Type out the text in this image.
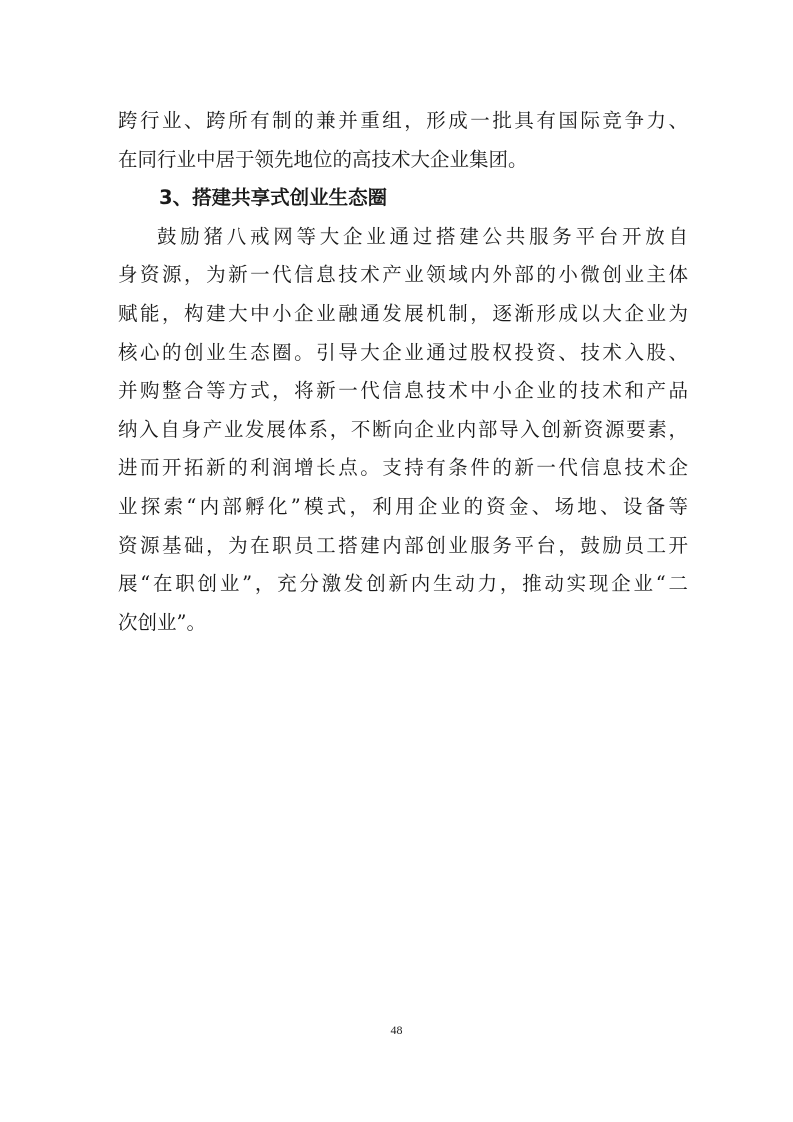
跨行业、跨所有制的兼并重组，形成一批具有国际竞争力、
在同行业中居于领先地位的高技术大企业集团。
3、搭建共享式创业生态圈
鼓励猪八戒网等大企业通过搭建公共服务平台开放自
身资源，为新一代信息技术产业领域内外部的小微创业主体
赋能，构建大中小企业融通发展机制，逐渐形成以大企业为
核心的创业生态圈。引导大企业通过股权投资、技术入股、
并购整合等方式，将新一代信息技术中小企业的技术和产品
纳入自身产业发展体系，不断向企业内部导入创新资源要素，
进而开拓新的利润增长点。支持有条件的新一代信息技术企
业探索“内部孵化”模式，利用企业的资金、场地、设备等
资源基础，为在职员工搭建内部创业服务平台，鼓励员工开
展“在职创业”，充分激发创新内生动力，推动实现企业“二
次创业”。
48
